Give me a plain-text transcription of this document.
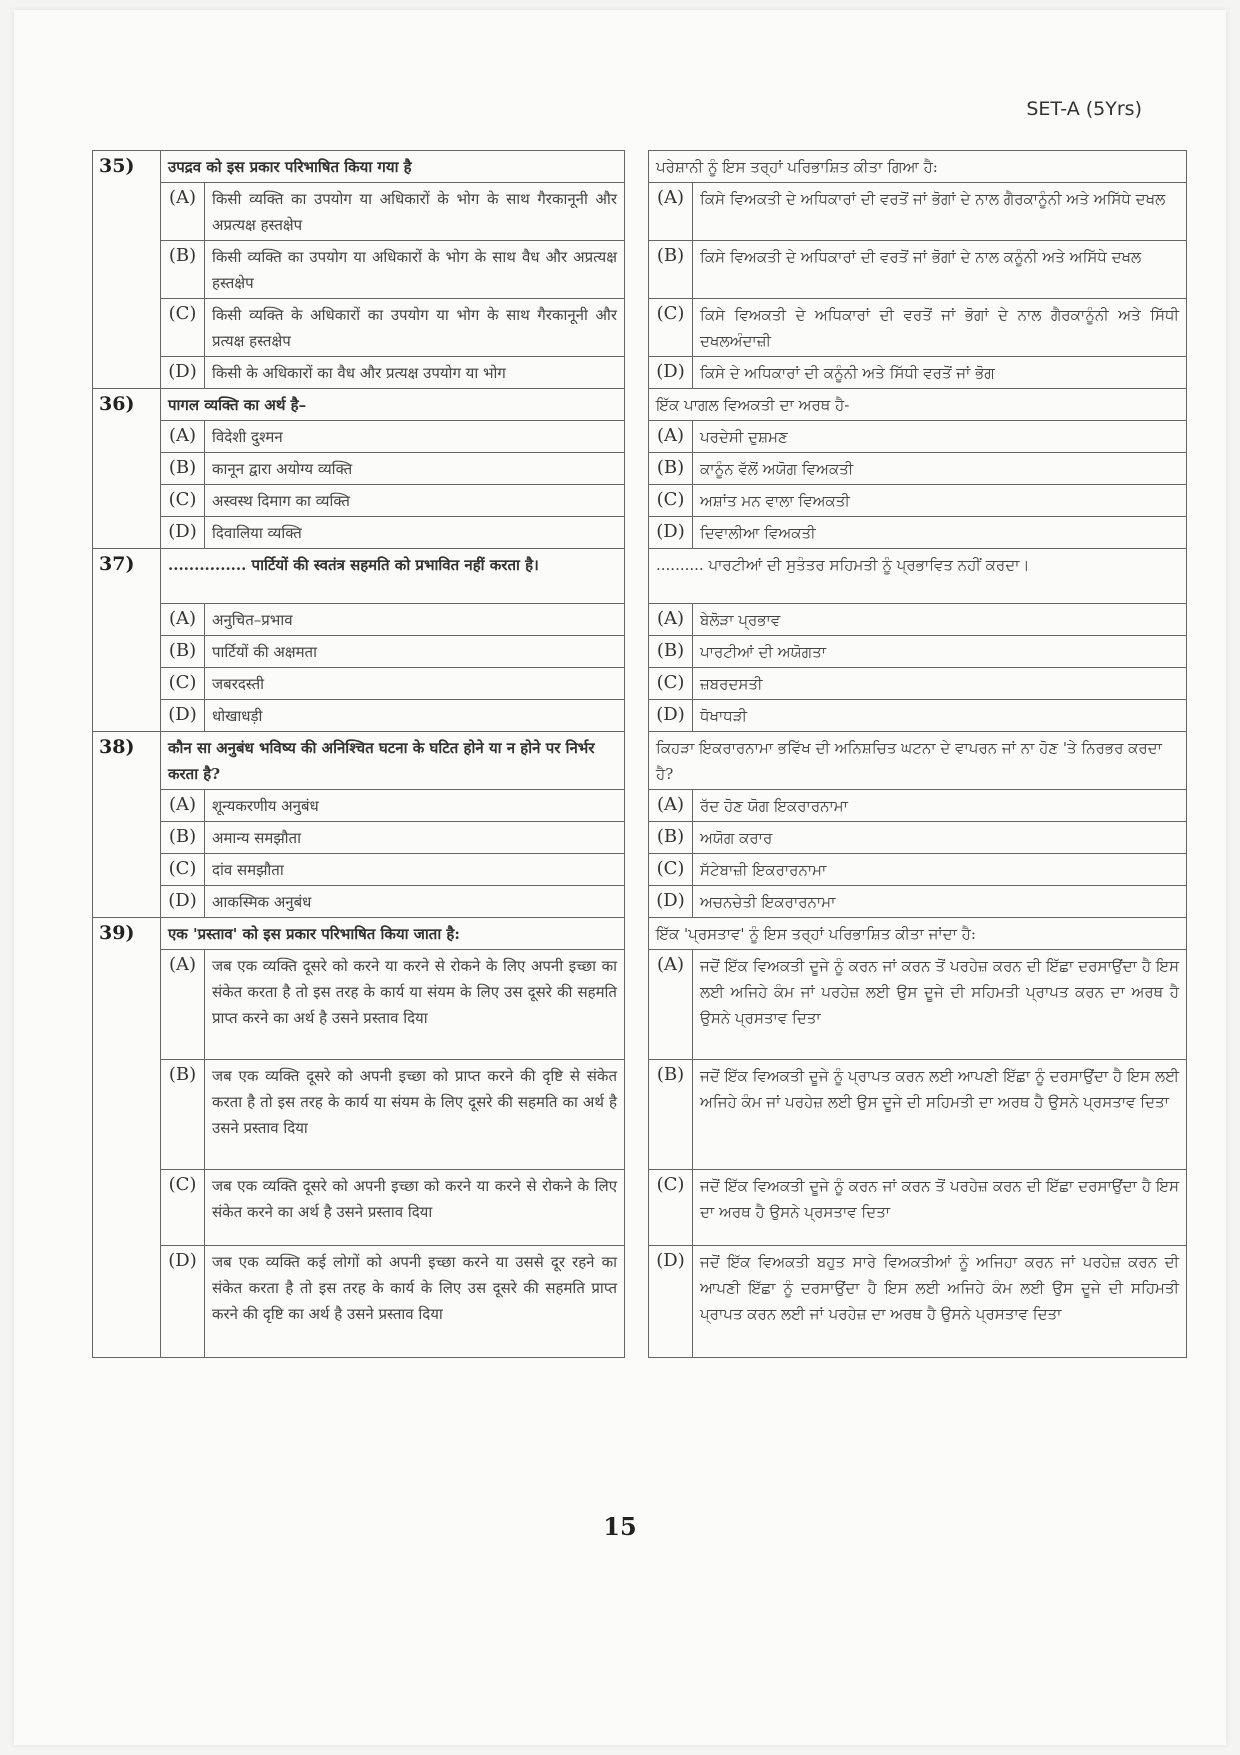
SET-A (5Yrs)
35)	उपद्रव को इस प्रकार परिभाषित किया गया है			ਪਰੇਸ਼ਾਨੀ ਨੂੰ ਇਸ ਤਰ੍ਹਾਂ ਪਰਿਭਾਸ਼ਿਤ ਕੀਤਾ ਗਿਆ ਹੈ:	
	(A)	किसी व्यक्ति का उपयोग या अधिकारों के भोग के साथ गैरकानूनी और अप्रत्यक्ष हस्तक्षेप		(A)	ਕਿਸੇ ਵਿਅਕਤੀ ਦੇ ਅਧਿਕਾਰਾਂ ਦੀ ਵਰਤੋਂ ਜਾਂ ਭੋਗਾਂ ਦੇ ਨਾਲ ਗੈਰਕਾਨੂੰਨੀ ਅਤੇ ਅਸਿੱਧੇ ਦਖਲ
	(B)	किसी व्यक्ति का उपयोग या अधिकारों के भोग के साथ वैध और अप्रत्यक्ष हस्तक्षेप		(B)	ਕਿਸੇ ਵਿਅਕਤੀ ਦੇ ਅਧਿਕਾਰਾਂ ਦੀ ਵਰਤੋਂ ਜਾਂ ਭੋਗਾਂ ਦੇ ਨਾਲ ਕਨੂੰਨੀ ਅਤੇ ਅਸਿੱਧੇ ਦਖਲ
	(C)	किसी व्यक्ति के अधिकारों का उपयोग या भोग के साथ गैरकानूनी और प्रत्यक्ष हस्तक्षेप		(C)	ਕਿਸੇ ਵਿਅਕਤੀ ਦੇ ਅਧਿਕਾਰਾਂ ਦੀ ਵਰਤੋਂ ਜਾਂ ਭੋਗਾਂ ਦੇ ਨਾਲ ਗੈਰਕਾਨੂੰਨੀ ਅਤੇ ਸਿੱਧੀ ਦਖਲਅੰਦਾਜ਼ੀ
	(D)	किसी के अधिकारों का वैध और प्रत्यक्ष उपयोग या भोग		(D)	ਕਿਸੇ ਦੇ ਅਧਿਕਾਰਾਂ ਦੀ ਕਨੂੰਨੀ ਅਤੇ ਸਿੱਧੀ ਵਰਤੋਂ ਜਾਂ ਭੋਗ
36)	पागल व्यक्ति का अर्थ है–			ਇੱਕ ਪਾਗਲ ਵਿਅਕਤੀ ਦਾ ਅਰਥ ਹੈ-	
	(A)	विदेशी दुश्मन		(A)	ਪਰਦੇਸੀ ਦੁਸ਼ਮਣ
	(B)	कानून द्वारा अयोग्य व्यक्ति		(B)	ਕਾਨੂੰਨ ਵੱਲੋਂ ਅਯੋਗ ਵਿਅਕਤੀ
	(C)	अस्वस्थ दिमाग का व्यक्ति		(C)	ਅਸ਼ਾਂਤ ਮਨ ਵਾਲਾ ਵਿਅਕਤੀ
	(D)	दिवालिया व्यक्ति		(D)	ਦਿਵਾਲੀਆ ਵਿਅਕਤੀ
37)	............... पार्टियों की स्वतंत्र सहमति को प्रभावित नहीं करता है।			.......... ਪਾਰਟੀਆਂ ਦੀ ਸੁਤੰਤਰ ਸਹਿਮਤੀ ਨੂੰ ਪ੍ਰਭਾਵਿਤ ਨਹੀਂ ਕਰਦਾ।	
	(A)	अनुचित–प्रभाव		(A)	ਬੇਲੋੜਾ ਪ੍ਰਭਾਵ
	(B)	पार्टियों की अक्षमता		(B)	ਪਾਰਟੀਆਂ ਦੀ ਅਯੋਗਤਾ
	(C)	जबरदस्ती		(C)	ਜ਼ਬਰਦਸਤੀ
	(D)	धोखाधड़ी		(D)	ਧੋਖਾਧੜੀ
38)	कौन सा अनुबंध भविष्य की अनिश्चित घटना के घटित होने या न होने पर निर्भर करता है?			ਕਿਹੜਾ ਇਕਰਾਰਨਾਮਾ ਭਵਿੱਖ ਦੀ ਅਨਿਸ਼ਚਿਤ ਘਟਨਾ ਦੇ ਵਾਪਰਨ ਜਾਂ ਨਾ ਹੋਣ 'ਤੇ ਨਿਰਭਰ ਕਰਦਾ ਹੈ?	
	(A)	शून्यकरणीय अनुबंध		(A)	ਰੱਦ ਹੋਣ ਯੋਗ ਇਕਰਾਰਨਾਮਾ
	(B)	अमान्य समझौता		(B)	ਅਯੋਗ ਕਰਾਰ
	(C)	दांव समझौता		(C)	ਸੱਟੇਬਾਜ਼ੀ ਇਕਰਾਰਨਾਮਾ
	(D)	आकस्मिक अनुबंध		(D)	ਅਚਨਚੇਤੀ ਇਕਰਾਰਨਾਮਾ
39)	एक 'प्रस्ताव' को इस प्रकार परिभाषित किया जाता है:			ਇੱਕ 'ਪ੍ਰਸਤਾਵ' ਨੂੰ ਇਸ ਤਰ੍ਹਾਂ ਪਰਿਭਾਸ਼ਿਤ ਕੀਤਾ ਜਾਂਦਾ ਹੈ:	
	(A)	जब एक व्यक्ति दूसरे को करने या करने से रोकने के लिए अपनी इच्छा का संकेत करता है तो इस तरह के कार्य या संयम के लिए उस दूसरे की सहमति प्राप्त करने का अर्थ है उसने प्रस्ताव दिया		(A)	ਜਦੋਂ ਇੱਕ ਵਿਅਕਤੀ ਦੂਜੇ ਨੂੰ ਕਰਨ ਜਾਂ ਕਰਨ ਤੋਂ ਪਰਹੇਜ਼ ਕਰਨ ਦੀ ਇੱਛਾ ਦਰਸਾਉਂਦਾ ਹੈ ਇਸ ਲਈ ਅਜਿਹੇ ਕੰਮ ਜਾਂ ਪਰਹੇਜ਼ ਲਈ ਉਸ ਦੂਜੇ ਦੀ ਸਹਿਮਤੀ ਪ੍ਰਾਪਤ ਕਰਨ ਦਾ ਅਰਥ ਹੈ ਉਸਨੇ ਪ੍ਰਸਤਾਵ ਦਿਤਾ
	(B)	जब एक व्यक्ति दूसरे को अपनी इच्छा को प्राप्त करने की दृष्टि से संकेत करता है तो इस तरह के कार्य या संयम के लिए दूसरे की सहमति का अर्थ है उसने प्रस्ताव दिया		(B)	ਜਦੋਂ ਇੱਕ ਵਿਅਕਤੀ ਦੂਜੇ ਨੂੰ ਪ੍ਰਾਪਤ ਕਰਨ ਲਈ ਆਪਣੀ ਇੱਛਾ ਨੂੰ ਦਰਸਾਉਂਦਾ ਹੈ ਇਸ ਲਈ ਅਜਿਹੇ ਕੰਮ ਜਾਂ ਪਰਹੇਜ਼ ਲਈ ਉਸ ਦੂਜੇ ਦੀ ਸਹਿਮਤੀ ਦਾ ਅਰਥ ਹੈ ਉਸਨੇ ਪ੍ਰਸਤਾਵ ਦਿਤਾ
	(C)	जब एक व्यक्ति दूसरे को अपनी इच्छा को करने या करने से रोकने के लिए संकेत करने का अर्थ है उसने प्रस्ताव दिया		(C)	ਜਦੋਂ ਇੱਕ ਵਿਅਕਤੀ ਦੂਜੇ ਨੂੰ ਕਰਨ ਜਾਂ ਕਰਨ ਤੋਂ ਪਰਹੇਜ਼ ਕਰਨ ਦੀ ਇੱਛਾ ਦਰਸਾਉਂਦਾ ਹੈ ਇਸ ਦਾ ਅਰਥ ਹੈ ਉਸਨੇ ਪ੍ਰਸਤਾਵ ਦਿਤਾ
	(D)	जब एक व्यक्ति कई लोगों को अपनी इच्छा करने या उससे दूर रहने का संकेत करता है तो इस तरह के कार्य के लिए उस दूसरे की सहमति प्राप्त करने की दृष्टि का अर्थ है उसने प्रस्ताव दिया		(D)	ਜਦੋਂ ਇੱਕ ਵਿਅਕਤੀ ਬਹੁਤ ਸਾਰੇ ਵਿਅਕਤੀਆਂ ਨੂੰ ਅਜਿਹਾ ਕਰਨ ਜਾਂ ਪਰਹੇਜ਼ ਕਰਨ ਦੀ ਆਪਣੀ ਇੱਛਾ ਨੂੰ ਦਰਸਾਉਂਦਾ ਹੈ ਇਸ ਲਈ ਅਜਿਹੇ ਕੰਮ ਲਈ ਉਸ ਦੂਜੇ ਦੀ ਸਹਿਮਤੀ ਪ੍ਰਾਪਤ ਕਰਨ ਲਈ ਜਾਂ ਪਰਹੇਜ਼ ਦਾ ਅਰਥ ਹੈ ਉਸਨੇ ਪ੍ਰਸਤਾਵ ਦਿਤਾ
15
